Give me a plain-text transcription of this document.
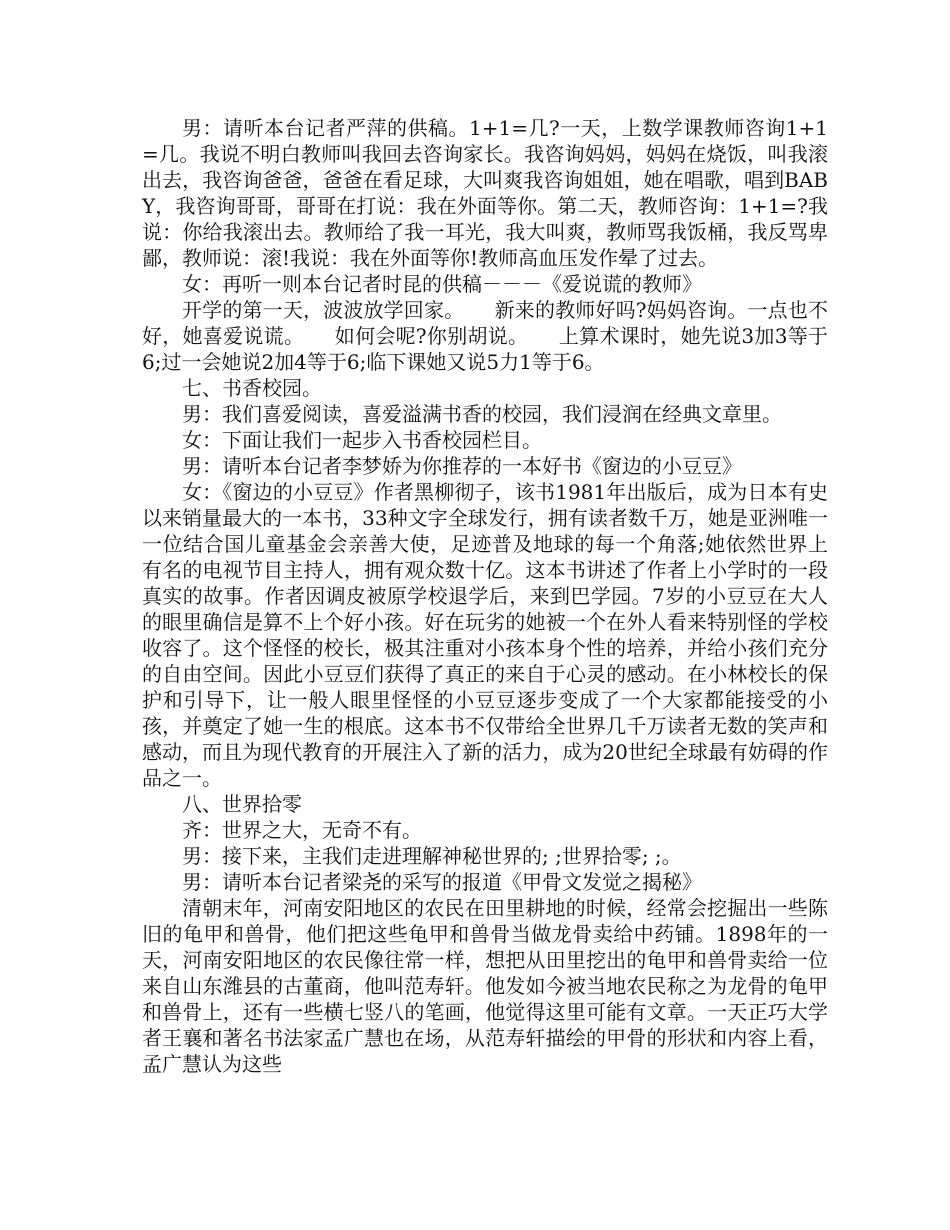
男：请听本台记者严萍的供稿。1+1=几?一天，上数学课教师咨询1+1=几。我说不明白教师叫我回去咨询家长。我咨询妈妈，妈妈在烧饭，叫我滚出去，我咨询爸爸，爸爸在看足球，大叫爽我咨询姐姐，她在唱歌，唱到BABY，我咨询哥哥，哥哥在打说：我在外面等你。第二天，教师咨询：1+1=?我说：你给我滚出去。教师给了我一耳光，我大叫爽，教师骂我饭桶，我反骂卑鄙，教师说：滚!我说：我在外面等你!教师高血压发作晕了过去。

女：再听一则本台记者时昆的供稿－－－《爱说谎的教师》

开学的第一天，波波放学回家。　　新来的教师好吗?妈妈咨询。一点也不好，她喜爱说谎。　　如何会呢?你别胡说。　　上算术课时，她先说3加3等于6;过一会她说2加4等于6;临下课她又说5力1等于6。

七、书香校园。

男：我们喜爱阅读，喜爱溢满书香的校园，我们浸润在经典文章里。

女：下面让我们一起步入书香校园栏目。

男：请听本台记者李梦娇为你推荐的一本好书《窗边的小豆豆》

女：《窗边的小豆豆》作者黑柳彻子，该书1981年出版后，成为日本有史以来销量最大的一本书，33种文字全球发行，拥有读者数千万，她是亚洲唯一一位结合国儿童基金会亲善大使，足迹普及地球的每一个角落;她依然世界上有名的电视节目主持人，拥有观众数十亿。这本书讲述了作者上小学时的一段真实的故事。作者因调皮被原学校退学后，来到巴学园。7岁的小豆豆在大人的眼里确信是算不上个好小孩。好在玩劣的她被一个在外人看来特别怪的学校收容了。这个怪怪的校长，极其注重对小孩本身个性的培养，并给小孩们充分的自由空间。因此小豆豆们获得了真正的来自于心灵的感动。在小林校长的保护和引导下，让一般人眼里怪怪的小豆豆逐步变成了一个大家都能接受的小孩，并奠定了她一生的根底。这本书不仅带给全世界几千万读者无数的笑声和感动，而且为现代教育的开展注入了新的活力，成为20世纪全球最有妨碍的作品之一。

八、世界拾零

齐：世界之大，无奇不有。

男：接下来，主我们走进理解神秘世界的; ;世界拾零; ;。

男：请听本台记者梁尧的采写的报道《甲骨文发觉之揭秘》

清朝末年，河南安阳地区的农民在田里耕地的时候，经常会挖掘出一些陈旧的龟甲和兽骨，他们把这些龟甲和兽骨当做龙骨卖给中药铺。1898年的一天，河南安阳地区的农民像往常一样，想把从田里挖出的龟甲和兽骨卖给一位来自山东潍县的古董商，他叫范寿轩。他发如今被当地农民称之为龙骨的龟甲和兽骨上，还有一些横七竖八的笔画，他觉得这里可能有文章。一天正巧大学者王襄和著名书法家孟广慧也在场，从范寿轩描绘的甲骨的形状和内容上看，孟广慧认为这些
